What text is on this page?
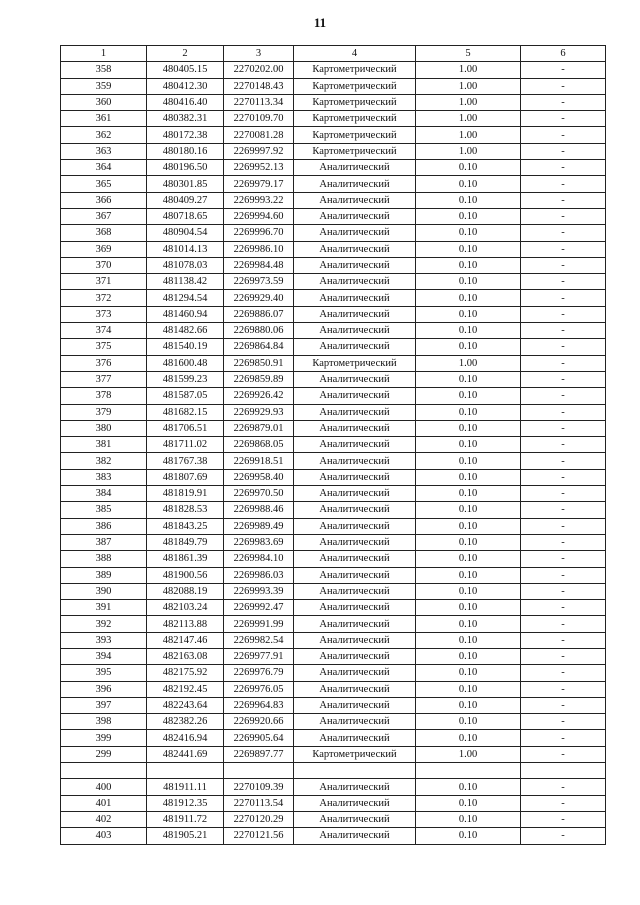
11
1	2	3	4	5	6
358	480405.15	2270202.00	Картометрический	1.00	-
359	480412.30	2270148.43	Картометрический	1.00	-
360	480416.40	2270113.34	Картометрический	1.00	-
361	480382.31	2270109.70	Картометрический	1.00	-
362	480172.38	2270081.28	Картометрический	1.00	-
363	480180.16	2269997.92	Картометрический	1.00	-
364	480196.50	2269952.13	Аналитический	0.10	-
365	480301.85	2269979.17	Аналитический	0.10	-
366	480409.27	2269993.22	Аналитический	0.10	-
367	480718.65	2269994.60	Аналитический	0.10	-
368	480904.54	2269996.70	Аналитический	0.10	-
369	481014.13	2269986.10	Аналитический	0.10	-
370	481078.03	2269984.48	Аналитический	0.10	-
371	481138.42	2269973.59	Аналитический	0.10	-
372	481294.54	2269929.40	Аналитический	0.10	-
373	481460.94	2269886.07	Аналитический	0.10	-
374	481482.66	2269880.06	Аналитический	0.10	-
375	481540.19	2269864.84	Аналитический	0.10	-
376	481600.48	2269850.91	Картометрический	1.00	-
377	481599.23	2269859.89	Аналитический	0.10	-
378	481587.05	2269926.42	Аналитический	0.10	-
379	481682.15	2269929.93	Аналитический	0.10	-
380	481706.51	2269879.01	Аналитический	0.10	-
381	481711.02	2269868.05	Аналитический	0.10	-
382	481767.38	2269918.51	Аналитический	0.10	-
383	481807.69	2269958.40	Аналитический	0.10	-
384	481819.91	2269970.50	Аналитический	0.10	-
385	481828.53	2269988.46	Аналитический	0.10	-
386	481843.25	2269989.49	Аналитический	0.10	-
387	481849.79	2269983.69	Аналитический	0.10	-
388	481861.39	2269984.10	Аналитический	0.10	-
389	481900.56	2269986.03	Аналитический	0.10	-
390	482088.19	2269993.39	Аналитический	0.10	-
391	482103.24	2269992.47	Аналитический	0.10	-
392	482113.88	2269991.99	Аналитический	0.10	-
393	482147.46	2269982.54	Аналитический	0.10	-
394	482163.08	2269977.91	Аналитический	0.10	-
395	482175.92	2269976.79	Аналитический	0.10	-
396	482192.45	2269976.05	Аналитический	0.10	-
397	482243.64	2269964.83	Аналитический	0.10	-
398	482382.26	2269920.66	Аналитический	0.10	-
399	482416.94	2269905.64	Аналитический	0.10	-
299	482441.69	2269897.77	Картометрический	1.00	-

400	481911.11	2270109.39	Аналитический	0.10	-
401	481912.35	2270113.54	Аналитический	0.10	-
402	481911.72	2270120.29	Аналитический	0.10	-
403	481905.21	2270121.56	Аналитический	0.10	-
